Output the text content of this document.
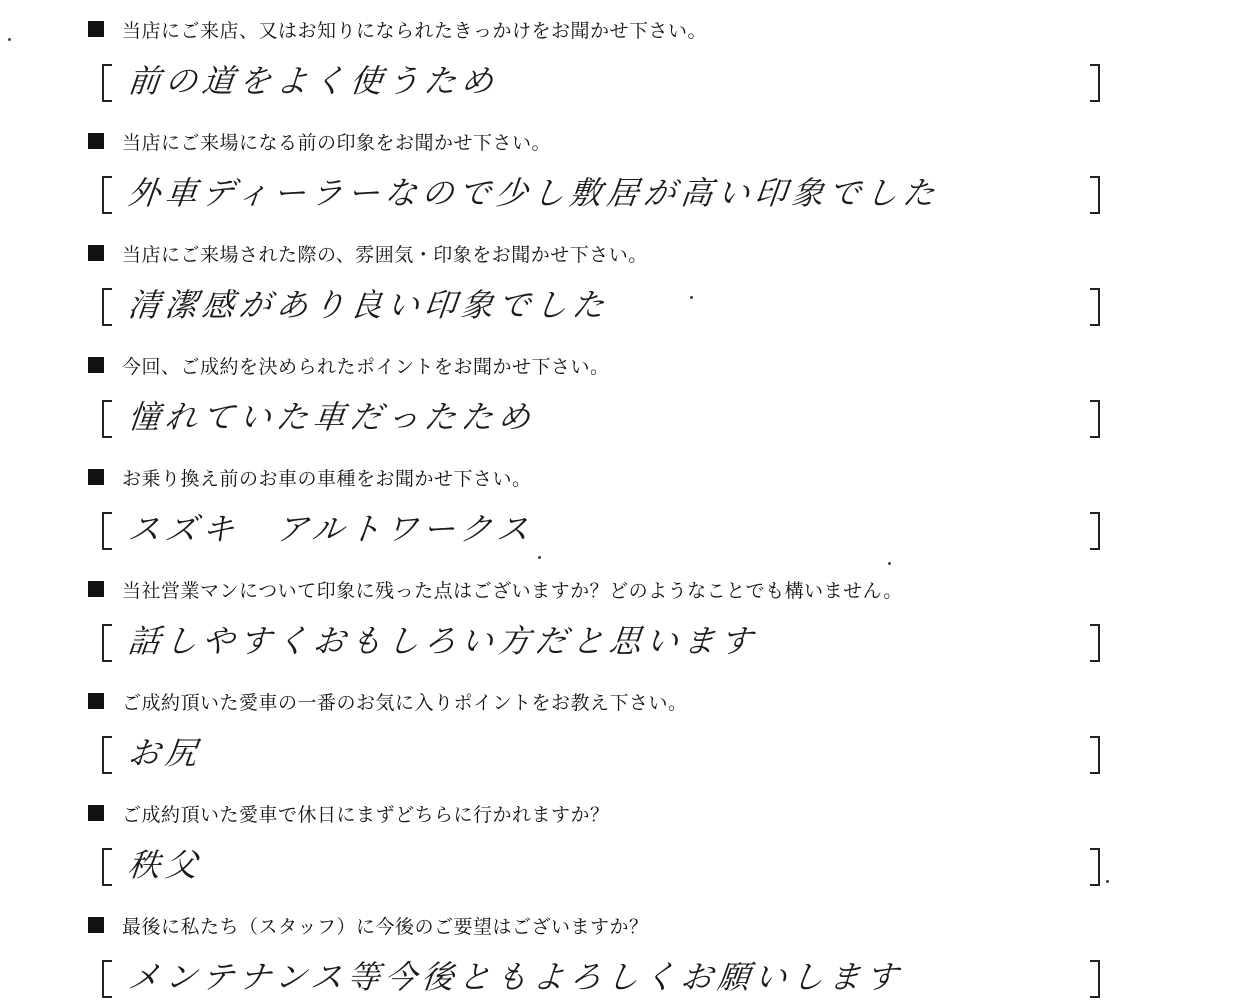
当店にご来店、又はお知りになられたきっかけをお聞かせ下さい。
前の道をよく使うため
当店にご来場になる前の印象をお聞かせ下さい。
外車ディーラーなので少し敷居が高い印象でした
当店にご来場された際の、雰囲気・印象をお聞かせ下さい。
清潔感があり良い印象でした
今回、ご成約を決められたポイントをお聞かせ下さい。
憧れていた車だったため
お乗り換え前のお車の車種をお聞かせ下さい。
スズキ　アルトワークス
当社営業マンについて印象に残った点はございますか？どのようなことでも構いません。
話しやすくおもしろい方だと思います
ご成約頂いた愛車の一番のお気に入りポイントをお教え下さい。
お尻
ご成約頂いた愛車で休日にまずどちらに行かれますか？
秩父
最後に私たち（スタッフ）に今後のご要望はございますか？
メンテナンス等今後ともよろしくお願いします
